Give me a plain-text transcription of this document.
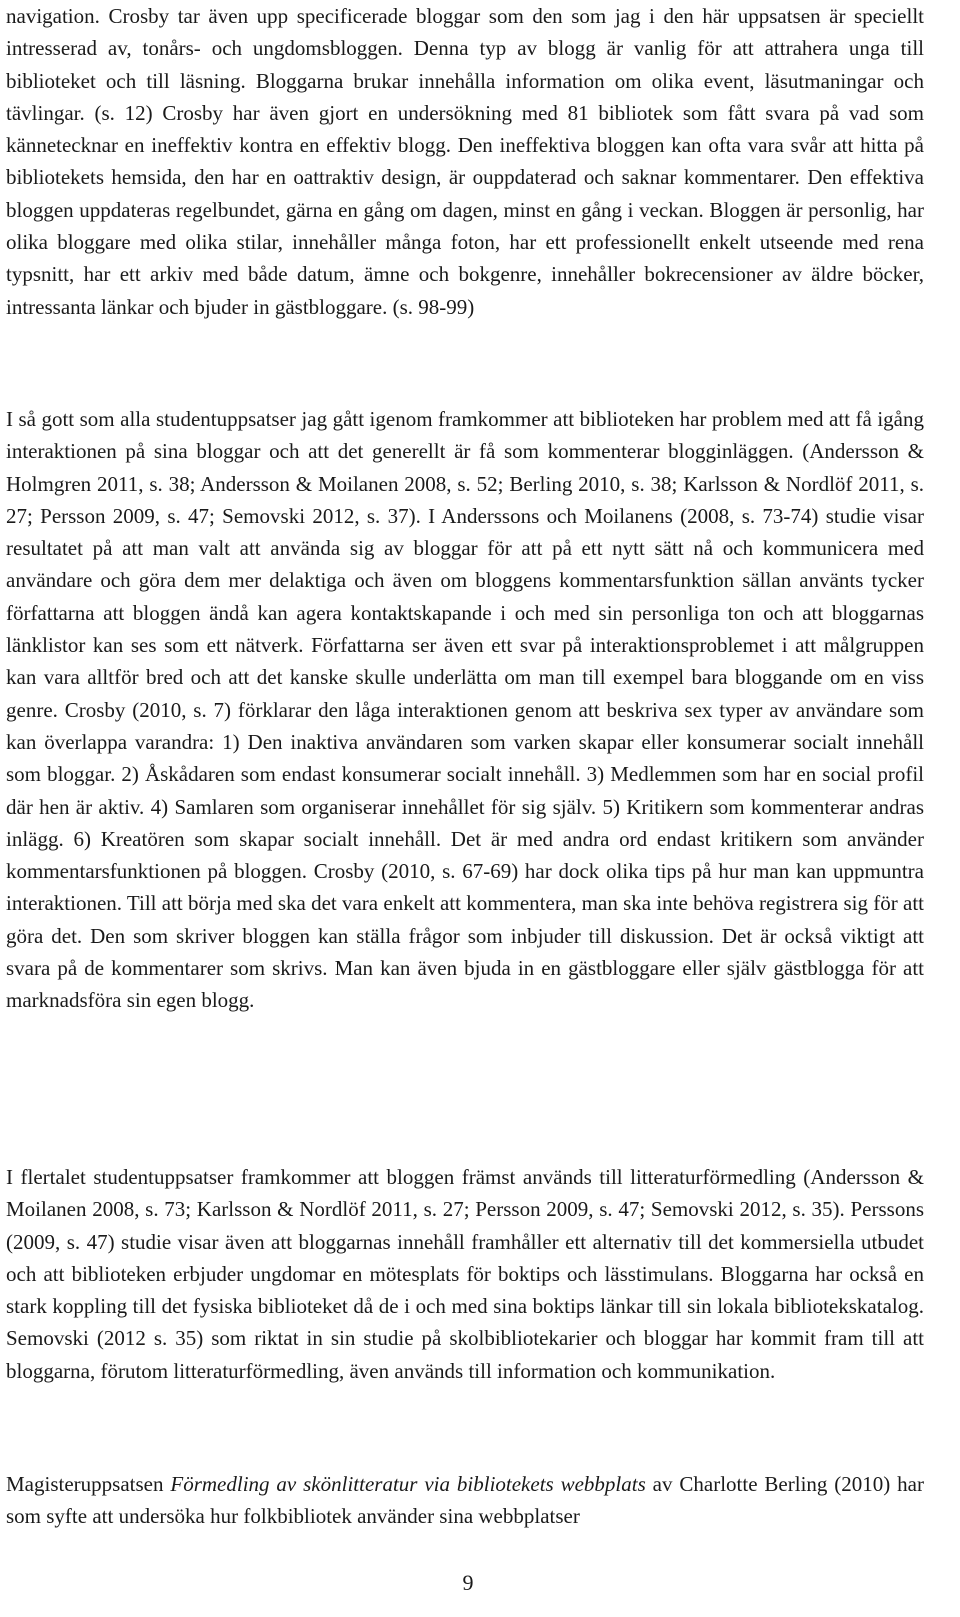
navigation. Crosby tar även upp specificerade bloggar som den som jag i den här uppsatsen är speciellt intresserad av, tonårs- och ungdomsbloggen. Denna typ av blogg är vanlig för att attrahera unga till biblioteket och till läsning. Bloggarna brukar innehålla information om olika event, läsutmaningar och tävlingar. (s. 12) Crosby har även gjort en undersökning med 81 bibliotek som fått svara på vad som kännetecknar en ineffektiv kontra en effektiv blogg. Den ineffektiva bloggen kan ofta vara svår att hitta på bibliotekets hemsida, den har en oattraktiv design, är ouppdaterad och saknar kommentarer. Den effektiva bloggen uppdateras regelbundet, gärna en gång om dagen, minst en gång i veckan. Bloggen är personlig, har olika bloggare med olika stilar, innehåller många foton, har ett professionellt enkelt utseende med rena typsnitt, har ett arkiv med både datum, ämne och bokgenre, innehåller bokrecensioner av äldre böcker, intressanta länkar och bjuder in gästbloggare. (s. 98-99)

I så gott som alla studentuppsatser jag gått igenom framkommer att biblioteken har problem med att få igång interaktionen på sina bloggar och att det generellt är få som kommenterar blogginläggen. (Andersson & Holmgren 2011, s. 38; Andersson & Moilanen 2008, s. 52; Berling 2010, s. 38; Karlsson & Nordlöf 2011, s. 27; Persson 2009, s. 47; Semovski 2012, s. 37). I Anderssons och Moilanens (2008, s. 73-74) studie visar resultatet på att man valt att använda sig av bloggar för att på ett nytt sätt nå och kommunicera med användare och göra dem mer delaktiga och även om bloggens kommentarsfunktion sällan använts tycker författarna att bloggen ändå kan agera kontaktskapande i och med sin personliga ton och att bloggarnas länklistor kan ses som ett nätverk. Författarna ser även ett svar på interaktionsproblemet i att målgruppen kan vara alltför bred och att det kanske skulle underlätta om man till exempel bara bloggande om en viss genre. Crosby (2010, s. 7) förklarar den låga interaktionen genom att beskriva sex typer av användare som kan överlappa varandra: 1) Den inaktiva användaren som varken skapar eller konsumerar socialt innehåll som bloggar. 2) Åskådaren som endast konsumerar socialt innehåll. 3) Medlemmen som har en social profil där hen är aktiv. 4) Samlaren som organiserar innehållet för sig själv. 5) Kritikern som kommenterar andras inlägg. 6) Kreatören som skapar socialt innehåll. Det är med andra ord endast kritikern som använder kommentarsfunktionen på bloggen. Crosby (2010, s. 67-69) har dock olika tips på hur man kan uppmuntra interaktionen. Till att börja med ska det vara enkelt att kommentera, man ska inte behöva registrera sig för att göra det. Den som skriver bloggen kan ställa frågor som inbjuder till diskussion. Det är också viktigt att svara på de kommentarer som skrivs. Man kan även bjuda in en gästbloggare eller själv gästblogga för att marknadsföra sin egen blogg.

I flertalet studentuppsatser framkommer att bloggen främst används till litteraturförmedling (Andersson & Moilanen 2008, s. 73; Karlsson & Nordlöf 2011, s. 27; Persson 2009, s. 47; Semovski 2012, s. 35). Perssons (2009, s. 47) studie visar även att bloggarnas innehåll framhåller ett alternativ till det kommersiella utbudet och att biblioteken erbjuder ungdomar en mötesplats för boktips och lässtimulans. Bloggarna har också en stark koppling till det fysiska biblioteket då de i och med sina boktips länkar till sin lokala bibliotekskatalog. Semovski (2012 s. 35) som riktat in sin studie på skolbibliotekarier och bloggar har kommit fram till att bloggarna, förutom litteraturförmedling, även används till information och kommunikation.

Magisteruppsatsen Förmedling av skönlitteratur via bibliotekets webbplats av Charlotte Berling (2010) har som syfte att undersöka hur folkbibliotek använder sina webbplatser

9
